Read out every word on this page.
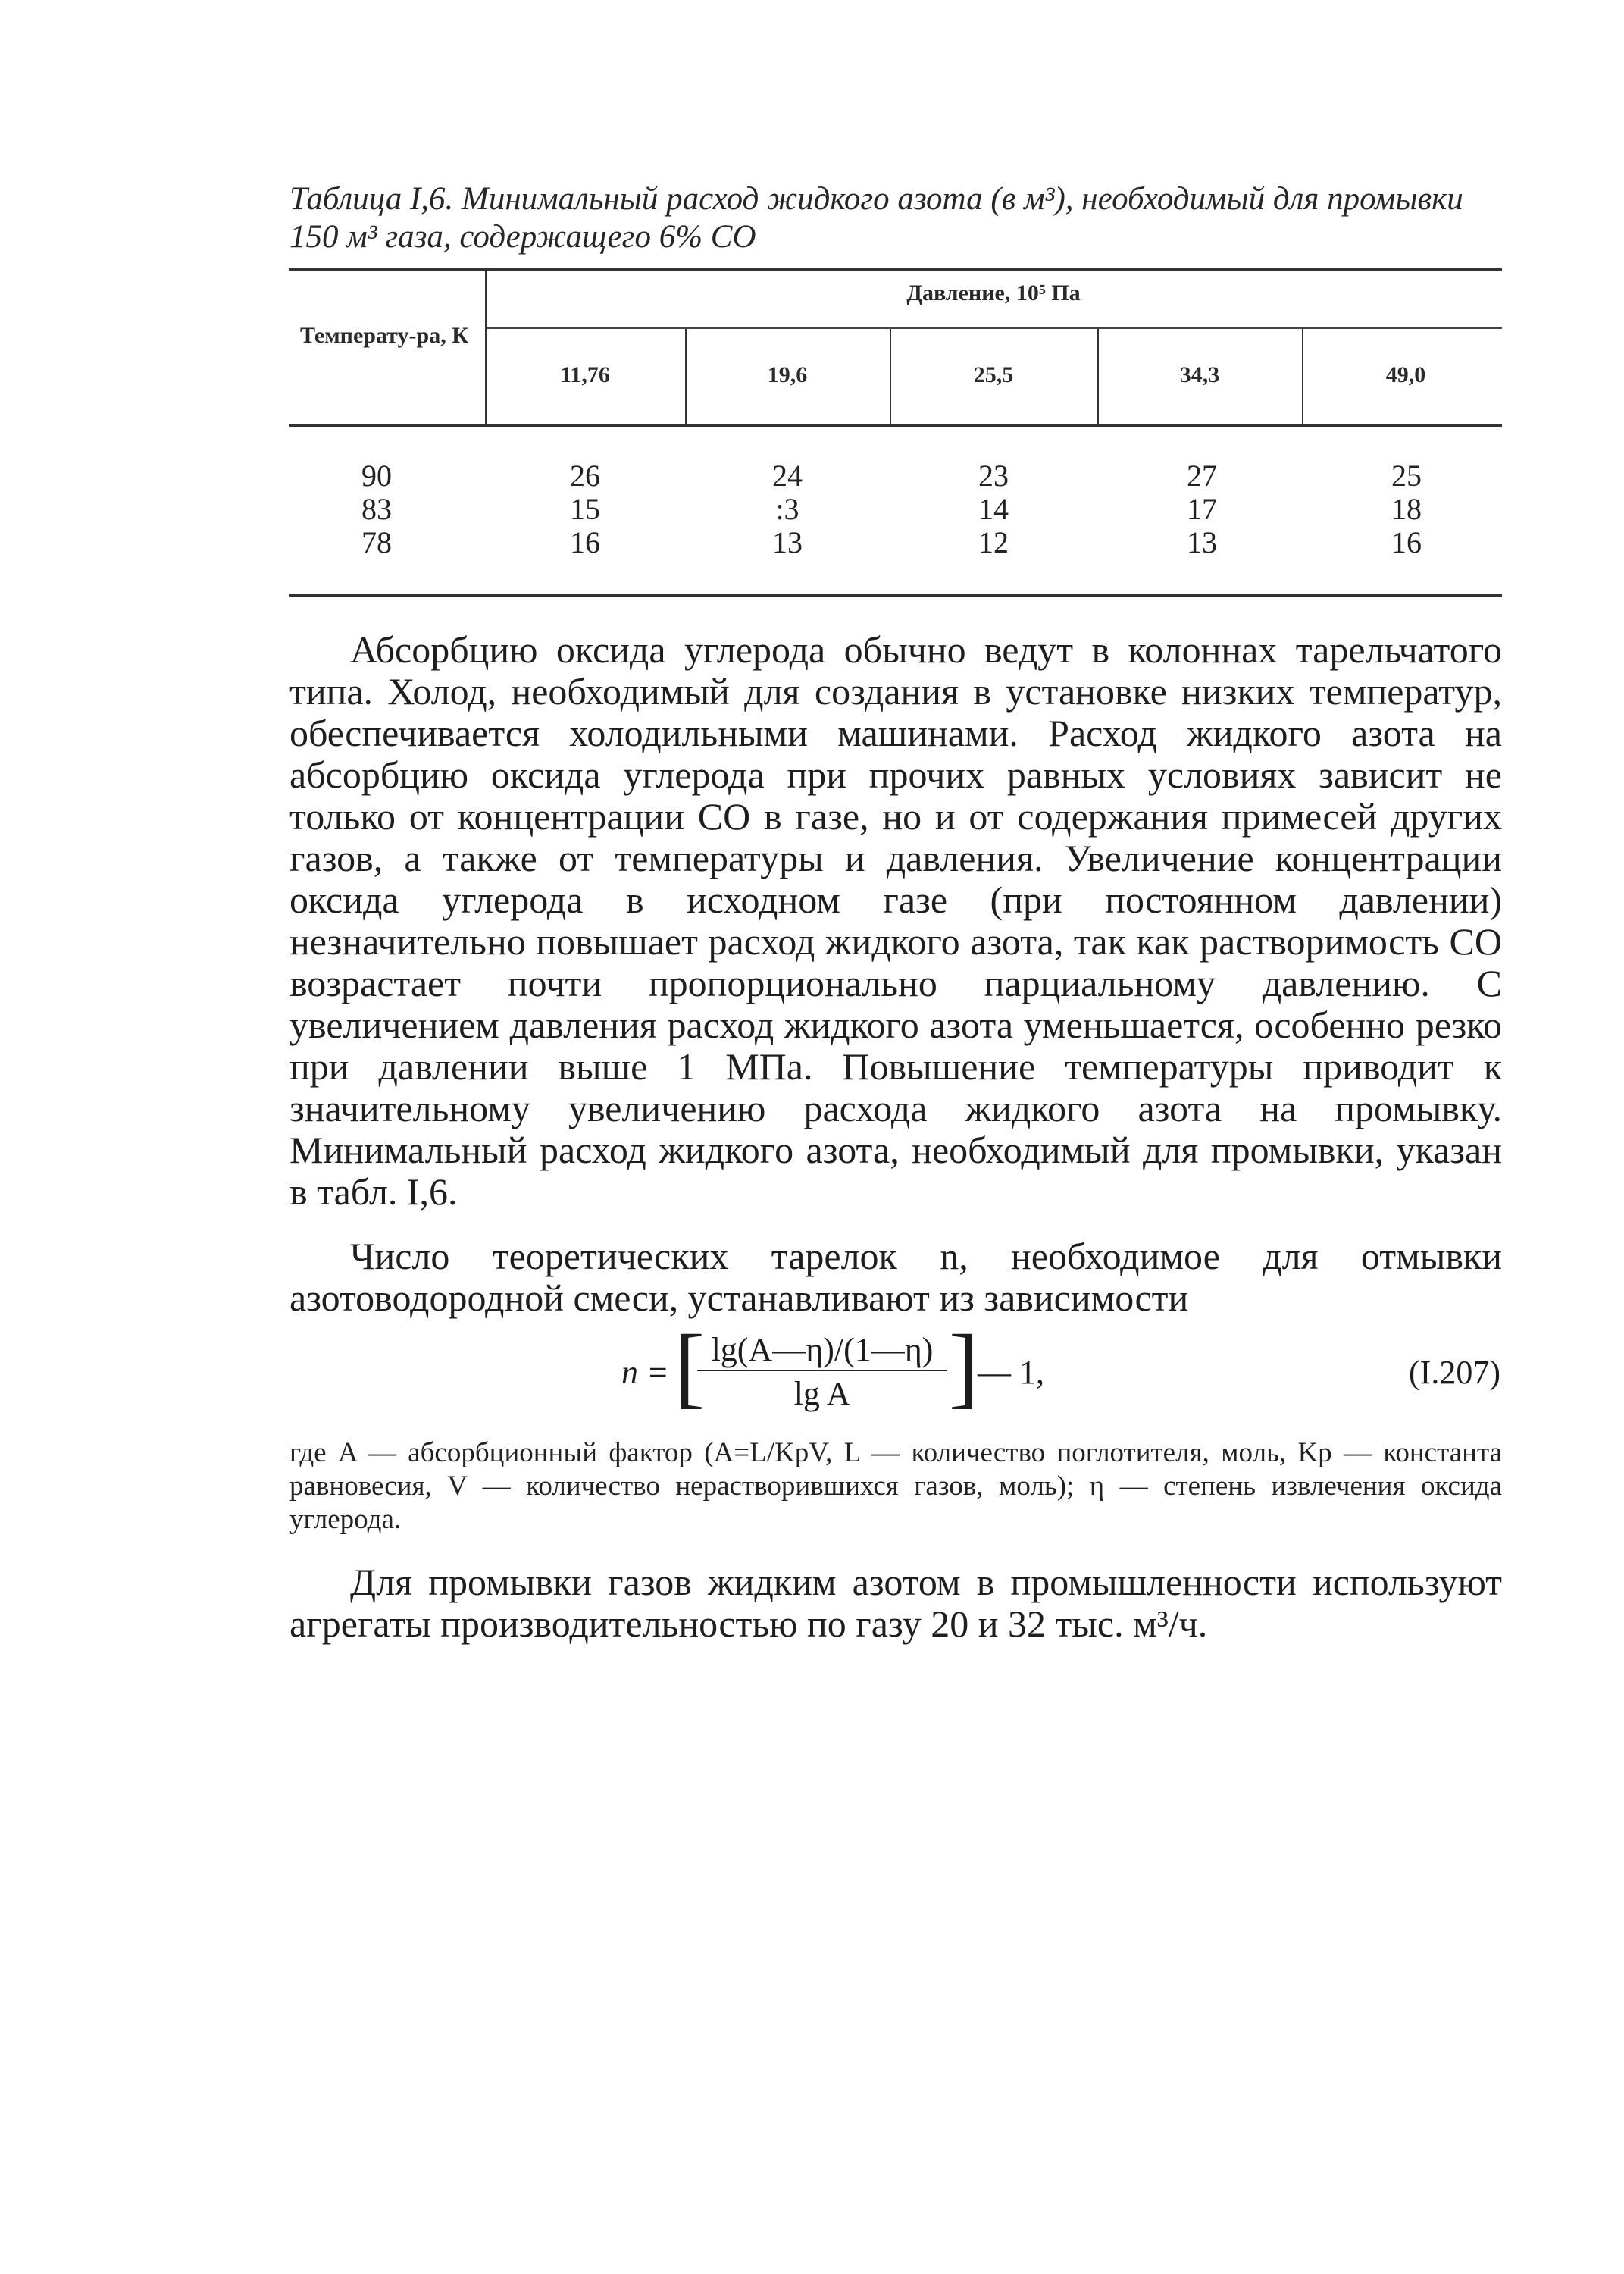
Таблица I,6. Минимальный расход жидкого азота (в м³), необходимый для промывки 150 м³ газа, содержащего 6% СО
Температу-ра, К
Давление, 10⁵ Па
11,76	19,6	25,5	34,3	49,0
90	26	24	23	27	25
83	15	:3	14	17	18
78	16	13	12	13	16

Абсорбцию оксида углерода обычно ведут в колоннах тарельчатого типа. Холод, необходимый для создания в установке низких температур, обеспечивается холодильными машинами. Расход жидкого азота на абсорбцию оксида углерода при прочих равных условиях зависит не только от концентрации СО в газе, но и от содержания примесей других газов, а также от температуры и давления. Увеличение концентрации оксида углерода в исходном газе (при постоянном давлении) незначительно повышает расход жидкого азота, так как растворимость СО возрастает почти пропорционально парциальному давлению. С увеличением давления расход жидкого азота уменьшается, особенно резко при давлении выше 1 МПа. Повышение температуры приводит к значительному увеличению расхода жидкого азота на промывку. Минимальный расход жидкого азота, необходимый для промывки, указан в табл. I,6.

Число теоретических тарелок n, необходимое для отмывки азотоводородной смеси, устанавливают из зависимости

n = [ lg(A—η)/(1—η)
lg A	]
— 1,	(I.207)
где A — абсорбционный фактор (A=L/KрV, L — количество поглотителя, моль, Kр — константа равновесия, V — количество нерастворившихся газов, моль); η — степень извлечения оксида углерода.

Для промывки газов жидким азотом в промышленности используют агрегаты производительностью по газу 20 и 32 тыс. м³/ч.
